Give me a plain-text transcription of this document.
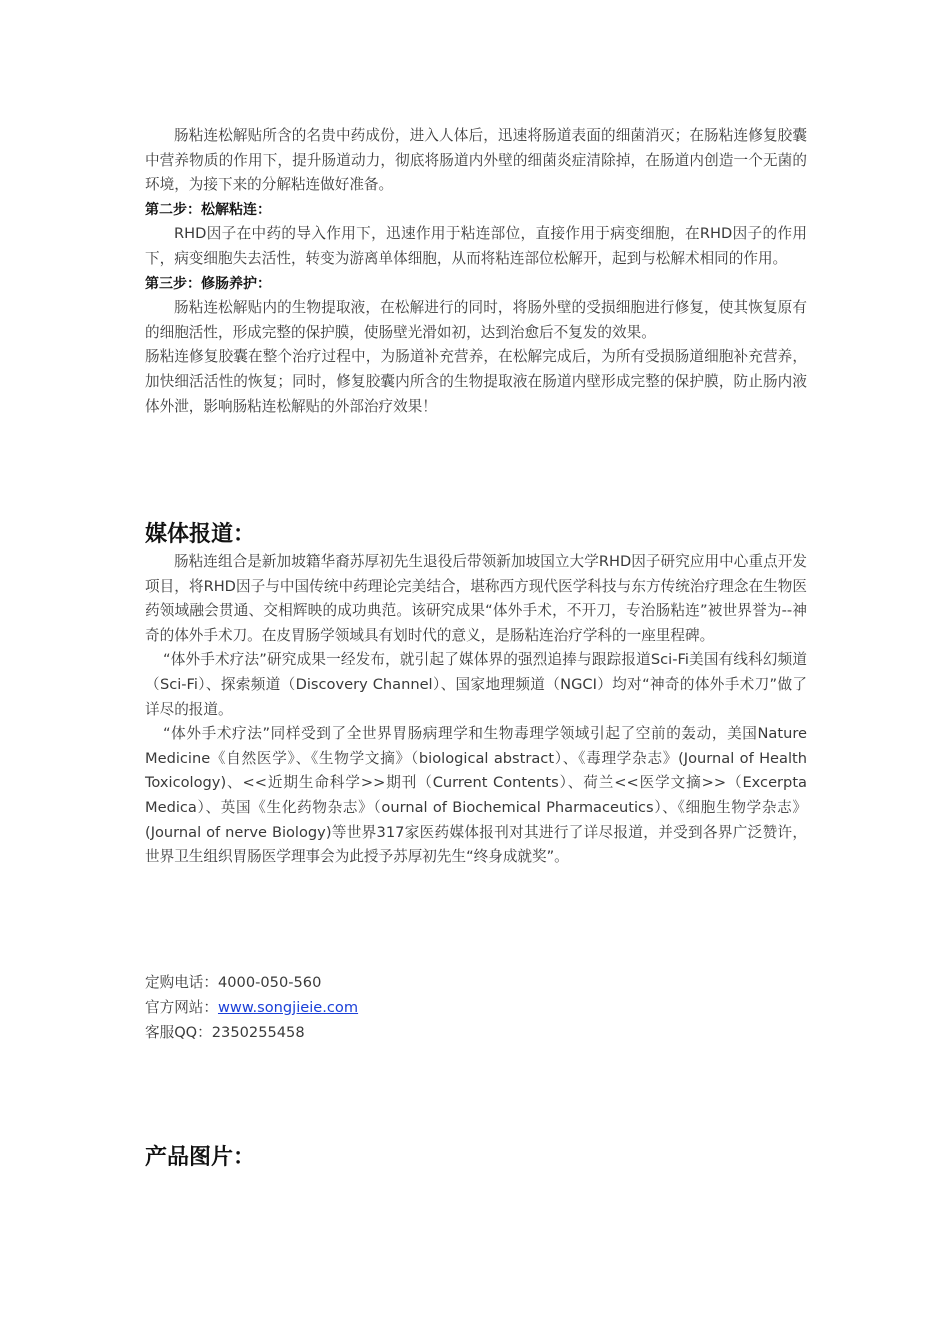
肠粘连松解贴所含的名贵中药成份，进入人体后，迅速将肠道表面的细菌消灭；在肠粘连修复胶囊中营养物质的作用下，提升肠道动力，彻底将肠道内外壁的细菌炎症清除掉，在肠道内创造一个无菌的环境，为接下来的分解粘连做好准备。

第二步：松解粘连：

RHD因子在中药的导入作用下，迅速作用于粘连部位，直接作用于病变细胞，在RHD因子的作用下，病变细胞失去活性，转变为游离单体细胞，从而将粘连部位松解开，起到与松解术相同的作用。

第三步：修肠养护：

肠粘连松解贴内的生物提取液，在松解进行的同时，将肠外壁的受损细胞进行修复，使其恢复原有的细胞活性，形成完整的保护膜，使肠壁光滑如初，达到治愈后不复发的效果。

肠粘连修复胶囊在整个治疗过程中，为肠道补充营养，在松解完成后，为所有受损肠道细胞补充营养，加快细活活性的恢复；同时，修复胶囊内所含的生物提取液在肠道内壁形成完整的保护膜，防止肠内液体外泄，影响肠粘连松解贴的外部治疗效果！

媒体报道：

肠粘连组合是新加坡籍华裔苏厚初先生退役后带领新加坡国立大学RHD因子研究应用中心重点开发项目，将RHD因子与中国传统中药理论完美结合，堪称西方现代医学科技与东方传统治疗理念在生物医药领域融会贯通、交相辉映的成功典范。该研究成果“体外手术，不开刀，专治肠粘连”被世界誉为--神奇的体外手术刀。在皮胃肠学领域具有划时代的意义，是肠粘连治疗学科的一座里程碑。

“体外手术疗法”研究成果一经发布，就引起了媒体界的强烈追捧与跟踪报道Sci-Fi美国有线科幻频道（Sci-Fi）、探索频道（Discovery Channel）、国家地理频道（NGCI）均对“神奇的体外手术刀”做了详尽的报道。

“体外手术疗法”同样受到了全世界胃肠病理学和生物毒理学领域引起了空前的轰动，美国Nature Medicine《自然医学》、《生物学文摘》（biological abstract）、《毒理学杂志》(Journal of Health Toxicology)、<<近期生命科学>>期刊（Current Contents）、荷兰<<医学文摘>>（Excerpta Medica）、英国《生化药物杂志》（ournal of Biochemical Pharmaceutics）、《细胞生物学杂志》(Journal of nerve Biology)等世界317家医药媒体报刊对其进行了详尽报道，并受到各界广泛赞许，世界卫生组织胃肠医学理事会为此授予苏厚初先生“终身成就奖”。

定购电话：4000-050-560

官方网站：www.songjieie.com

客服QQ：2350255458

产品图片：
